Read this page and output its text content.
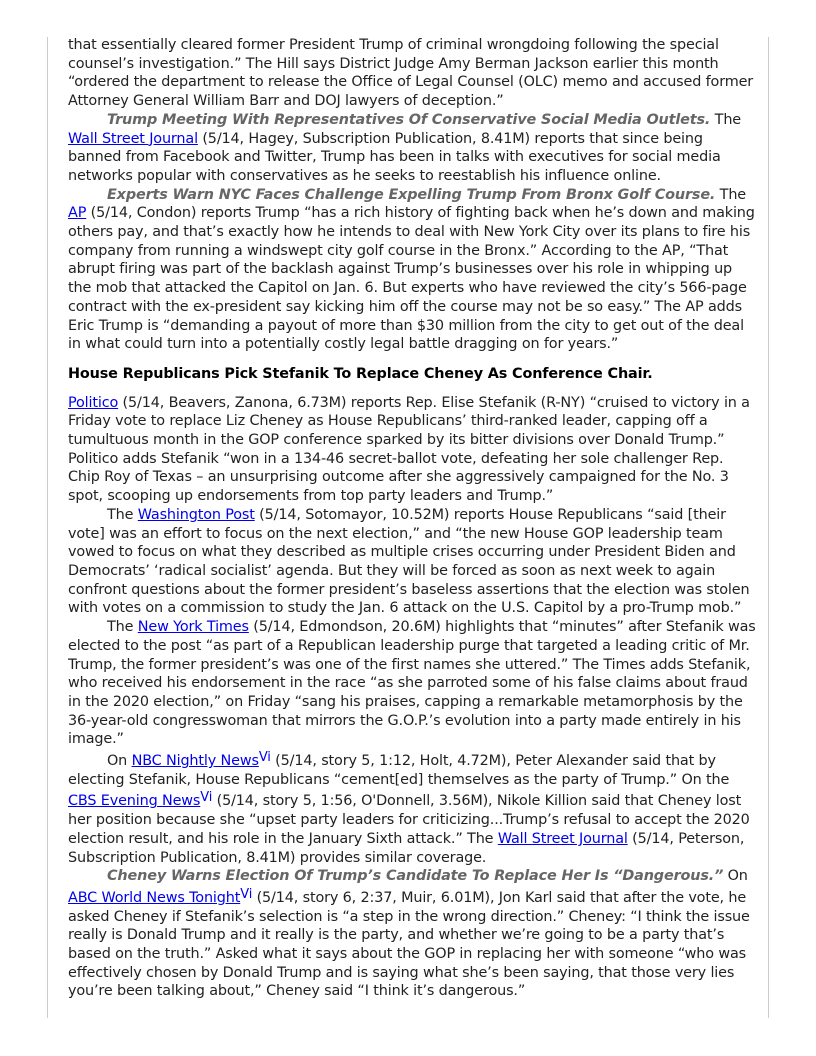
that essentially cleared former President Trump of criminal wrongdoing following the special counsel’s investigation.” The Hill says District Judge Amy Berman Jackson earlier this month “ordered the department to release the Office of Legal Counsel (OLC) memo and accused former Attorney General William Barr and DOJ lawyers of deception.”

Trump Meeting With Representatives Of Conservative Social Media Outlets. The Wall Street Journal (5/14, Hagey, Subscription Publication, 8.41M) reports that since being banned from Facebook and Twitter, Trump has been in talks with executives for social media networks popular with conservatives as he seeks to reestablish his influence online.

Experts Warn NYC Faces Challenge Expelling Trump From Bronx Golf Course. The AP (5/14, Condon) reports Trump “has a rich history of fighting back when he’s down and making others pay, and that’s exactly how he intends to deal with New York City over its plans to fire his company from running a windswept city golf course in the Bronx.” According to the AP, “That abrupt firing was part of the backlash against Trump’s businesses over his role in whipping up the mob that attacked the Capitol on Jan. 6. But experts who have reviewed the city’s 566-page contract with the ex-president say kicking him off the course may not be so easy.” The AP adds Eric Trump is “demanding a payout of more than $30 million from the city to get out of the deal in what could turn into a potentially costly legal battle dragging on for years.”

House Republicans Pick Stefanik To Replace Cheney As Conference Chair.

Politico (5/14, Beavers, Zanona, 6.73M) reports Rep. Elise Stefanik (R-NY) “cruised to victory in a Friday vote to replace Liz Cheney as House Republicans’ third-ranked leader, capping off a tumultuous month in the GOP conference sparked by its bitter divisions over Donald Trump.” Politico adds Stefanik “won in a 134-46 secret-ballot vote, defeating her sole challenger Rep. Chip Roy of Texas – an unsurprising outcome after she aggressively campaigned for the No. 3 spot, scooping up endorsements from top party leaders and Trump.”

The Washington Post (5/14, Sotomayor, 10.52M) reports House Republicans “said [their vote] was an effort to focus on the next election,” and “the new House GOP leadership team vowed to focus on what they described as multiple crises occurring under President Biden and Democrats’ ‘radical socialist’ agenda. But they will be forced as soon as next week to again confront questions about the former president’s baseless assertions that the election was stolen with votes on a commission to study the Jan. 6 attack on the U.S. Capitol by a pro-Trump mob.”

The New York Times (5/14, Edmondson, 20.6M) highlights that “minutes” after Stefanik was elected to the post “as part of a Republican leadership purge that targeted a leading critic of Mr. Trump, the former president’s was one of the first names she uttered.” The Times adds Stefanik, who received his endorsement in the race “as she parroted some of his false claims about fraud in the 2020 election,” on Friday “sang his praises, capping a remarkable metamorphosis by the 36-year-old congresswoman that mirrors the G.O.P.’s evolution into a party made entirely in his image.”

On NBC Nightly NewsVi (5/14, story 5, 1:12, Holt, 4.72M), Peter Alexander said that by electing Stefanik, House Republicans “cement[ed] themselves as the party of Trump.” On the CBS Evening NewsVi (5/14, story 5, 1:56, O'Donnell, 3.56M), Nikole Killion said that Cheney lost her position because she “upset party leaders for criticizing...Trump’s refusal to accept the 2020 election result, and his role in the January Sixth attack.” The Wall Street Journal (5/14, Peterson, Subscription Publication, 8.41M) provides similar coverage.

Cheney Warns Election Of Trump’s Candidate To Replace Her Is “Dangerous.” On ABC World News TonightVi (5/14, story 6, 2:37, Muir, 6.01M), Jon Karl said that after the vote, he asked Cheney if Stefanik’s selection is “a step in the wrong direction.” Cheney: “I think the issue really is Donald Trump and it really is the party, and whether we’re going to be a party that’s based on the truth.” Asked what it says about the GOP in replacing her with someone “who was effectively chosen by Donald Trump and is saying what she’s been saying, that those very lies you’re been talking about,” Cheney said “I think it’s dangerous.”
